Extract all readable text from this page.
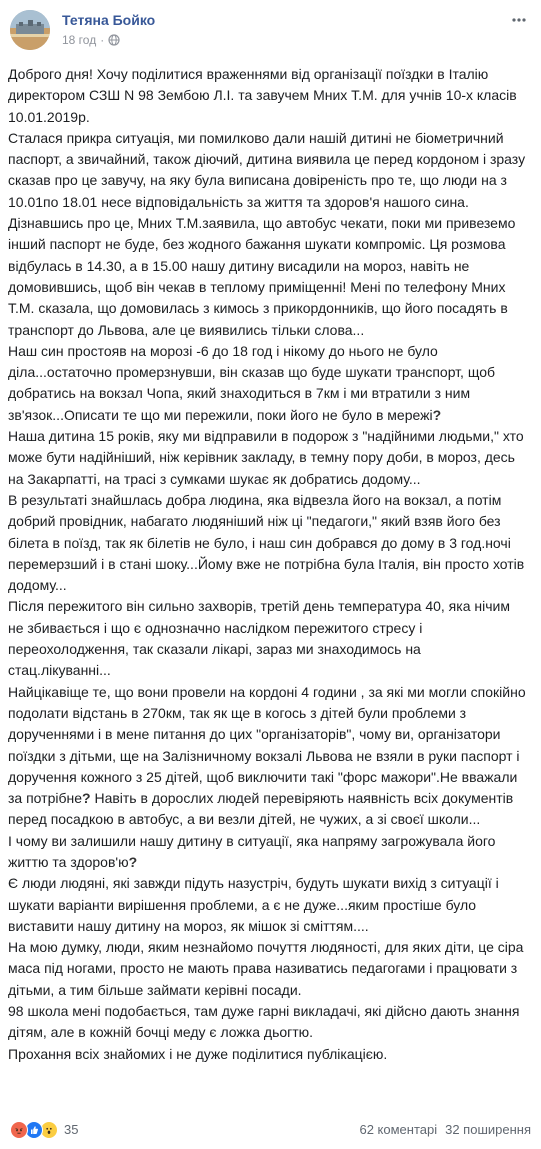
Тетяна Бойко
18 год ·

Доброго дня! Хочу поділитися враженнями від організації поїздки в Італію директором СЗШ N 98 Зембою Л.І. та завучем Мних Т.М. для учнів 10-х класів 10.01.2019р.

Сталася прикра ситуація, ми помилково дали нашій дитині не біометричний паспорт, а звичайний, також діючий, дитина виявила це перед кордоном і зразу сказав про це завучу, на яку була виписана довіреність про те, що люди на з 10.01по 18.01 несе відповідальність за життя та здоров'я нашого сина. Дізнавшись про це, Мних Т.М.заявила, що автобус чекати, поки ми привеземо інший паспорт не буде, без жодного бажання шукати компроміс. Ця розмова відбулась в 14.30, а в 15.00 нашу дитину висадили на мороз, навіть не домовившись, щоб він чекав в теплому приміщенні! Мені по телефону Мних Т.М. сказала, що домовилась з кимось з прикордонників, що його посадять в транспорт до Львова, але це виявились тільки слова...

Наш син простояв на морозі -6 до 18 год і нікому до нього не було діла...остаточно промерзнувши, він сказав що буде шукати транспорт, щоб добратись на вокзал Чопа, який знаходиться в 7км і ми втратили з ним зв'язок...Описати те що ми пережили, поки його не було в мережі?

Наша дитина 15 років, яку ми відправили в подорож з "надійними людьми," хто може бути надійніший, ніж керівник закладу, в темну пору доби, в мороз, десь на Закарпатті, на трасі з сумками шукає як добратись додому...

В результаті знайшлась добра людина, яка відвезла його на вокзал, а потім добрий провідник, набагато людяніший ніж ці "педагоги," який взяв його без білета в поїзд, так як білетів не було, і наш син добрався до дому в 3 год.ночі перемерзший і в стані шоку...Йому вже не потрібна була Італія, він просто хотів додому...

Після пережитого він сильно захворів, третій день температура 40, яка нічим не збивається і що є однозначно наслідком пережитого стресу і переохолодження, так сказали лікарі, зараз ми знаходимось на стац.лікуванні...

Найцікавіще те, що вони провели на кордоні 4 години , за які ми могли спокійно подолати відстань в 270км, так як ще в когось з дітей були проблеми з дорученнями і в мене питання до цих "організаторів", чому ви, організатори поїздки з дітьми, ще на Залізничному вокзалі Львова не взяли в руки паспорт і доручення кожного з 25 дітей, щоб виключити такі "форс мажори".Не вважали за потрібне? Навіть в дорослих людей перевіряють наявність всіх документів перед посадкою в автобус, а ви везли дітей, не чужих, а зі своєї школи...

І чому ви залишили нашу дитину в ситуації, яка напряму загрожувала його життю та здоров'ю?

Є люди людяні, які завжди підуть назустріч, будуть шукати вихід з ситуації і шукати варіанти вирішення проблеми, а є не дуже...яким простіше було виставити нашу дитину на мороз, як мішок зі сміттям....

На мою думку, люди, яким незнайомо почуття людяності, для яких діти, це сіра маса під ногами, просто не мають права називатись педагогами і працювати з дітьми, а тим більше займати керівні посади.

98 школа мені подобається, там дуже гарні викладачі, які дійсно дають знання дітям, але в кожній бочці меду є ложка дьогтю.

Прохання всіх знайомих і не дуже поділитися публікацією.

35	62 коментарі 32 поширення
